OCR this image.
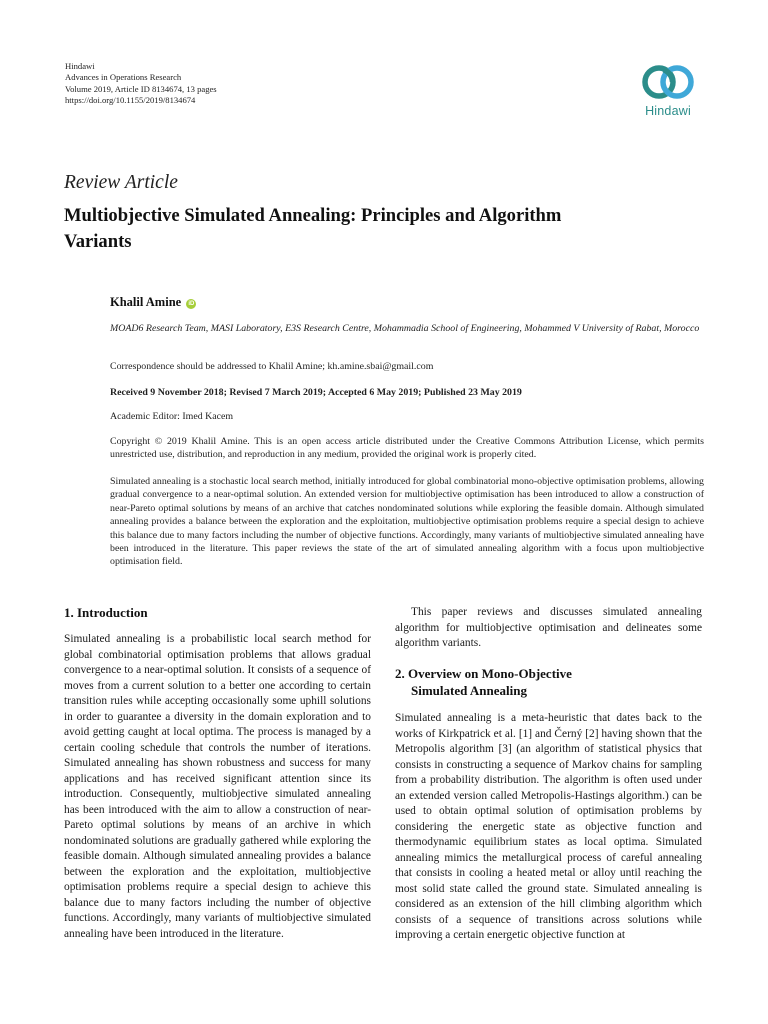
Hindawi
Advances in Operations Research
Volume 2019, Article ID 8134674, 13 pages
https://doi.org/10.1155/2019/8134674
Hindawi
Review Article
Multiobjective Simulated Annealing: Principles and Algorithm Variants
Khalil Amine iD
MOAD6 Research Team, MASI Laboratory, E3S Research Centre, Mohammadia School of Engineering, Mohammed V University of Rabat, Morocco
Correspondence should be addressed to Khalil Amine; kh.amine.sbai@gmail.com
Received 9 November 2018; Revised 7 March 2019; Accepted 6 May 2019; Published 23 May 2019
Academic Editor: Imed Kacem
Copyright © 2019 Khalil Amine. This is an open access article distributed under the Creative Commons Attribution License, which permits unrestricted use, distribution, and reproduction in any medium, provided the original work is properly cited.
Simulated annealing is a stochastic local search method, initially introduced for global combinatorial mono-objective optimisation problems, allowing gradual convergence to a near-optimal solution. An extended version for multiobjective optimisation has been introduced to allow a construction of near-Pareto optimal solutions by means of an archive that catches nondominated solutions while exploring the feasible domain. Although simulated annealing provides a balance between the exploration and the exploitation, multiobjective optimisation problems require a special design to achieve this balance due to many factors including the number of objective functions. Accordingly, many variants of multiobjective simulated annealing have been introduced in the literature. This paper reviews the state of the art of simulated annealing algorithm with a focus upon multiobjective optimisation field.
1. Introduction

Simulated annealing is a probabilistic local search method for global combinatorial optimisation problems that allows gradual convergence to a near-optimal solution. It consists of a sequence of moves from a current solution to a better one according to certain transition rules while accepting occasionally some uphill solutions in order to guarantee a diversity in the domain exploration and to avoid getting caught at local optima. The process is managed by a certain cooling schedule that controls the number of iterations. Simulated annealing has shown robustness and success for many applications and has received significant attention since its introduction. Consequently, multiobjective simulated annealing has been introduced with the aim to allow a construction of near-Pareto optimal solutions by means of an archive in which nondominated solutions are gradually gathered while exploring the feasible domain. Although simulated annealing provides a balance between the exploration and the exploitation, multiobjective optimisation problems require a special design to achieve this balance due to many factors including the number of objective functions. Accordingly, many variants of multiobjective simulated annealing have been introduced in the literature.

This paper reviews and discusses simulated annealing algorithm for multiobjective optimisation and delineates some algorithm variants.

2. Overview on Mono-Objective
Simulated Annealing

Simulated annealing is a meta-heuristic that dates back to the works of Kirkpatrick et al. [1] and Černý [2] having shown that the Metropolis algorithm [3] (an algorithm of statistical physics that consists in constructing a sequence of Markov chains for sampling from a probability distribution. The algorithm is often used under an extended version called Metropolis-Hastings algorithm.) can be used to obtain optimal solution of optimisation problems by considering the energetic state as objective function and thermodynamic equilibrium states as local optima. Simulated annealing mimics the metallurgical process of careful annealing that consists in cooling a heated metal or alloy until reaching the most solid state called the ground state. Simulated annealing is considered as an extension of the hill climbing algorithm which consists of a sequence of transitions across solutions while improving a certain energetic objective function at
